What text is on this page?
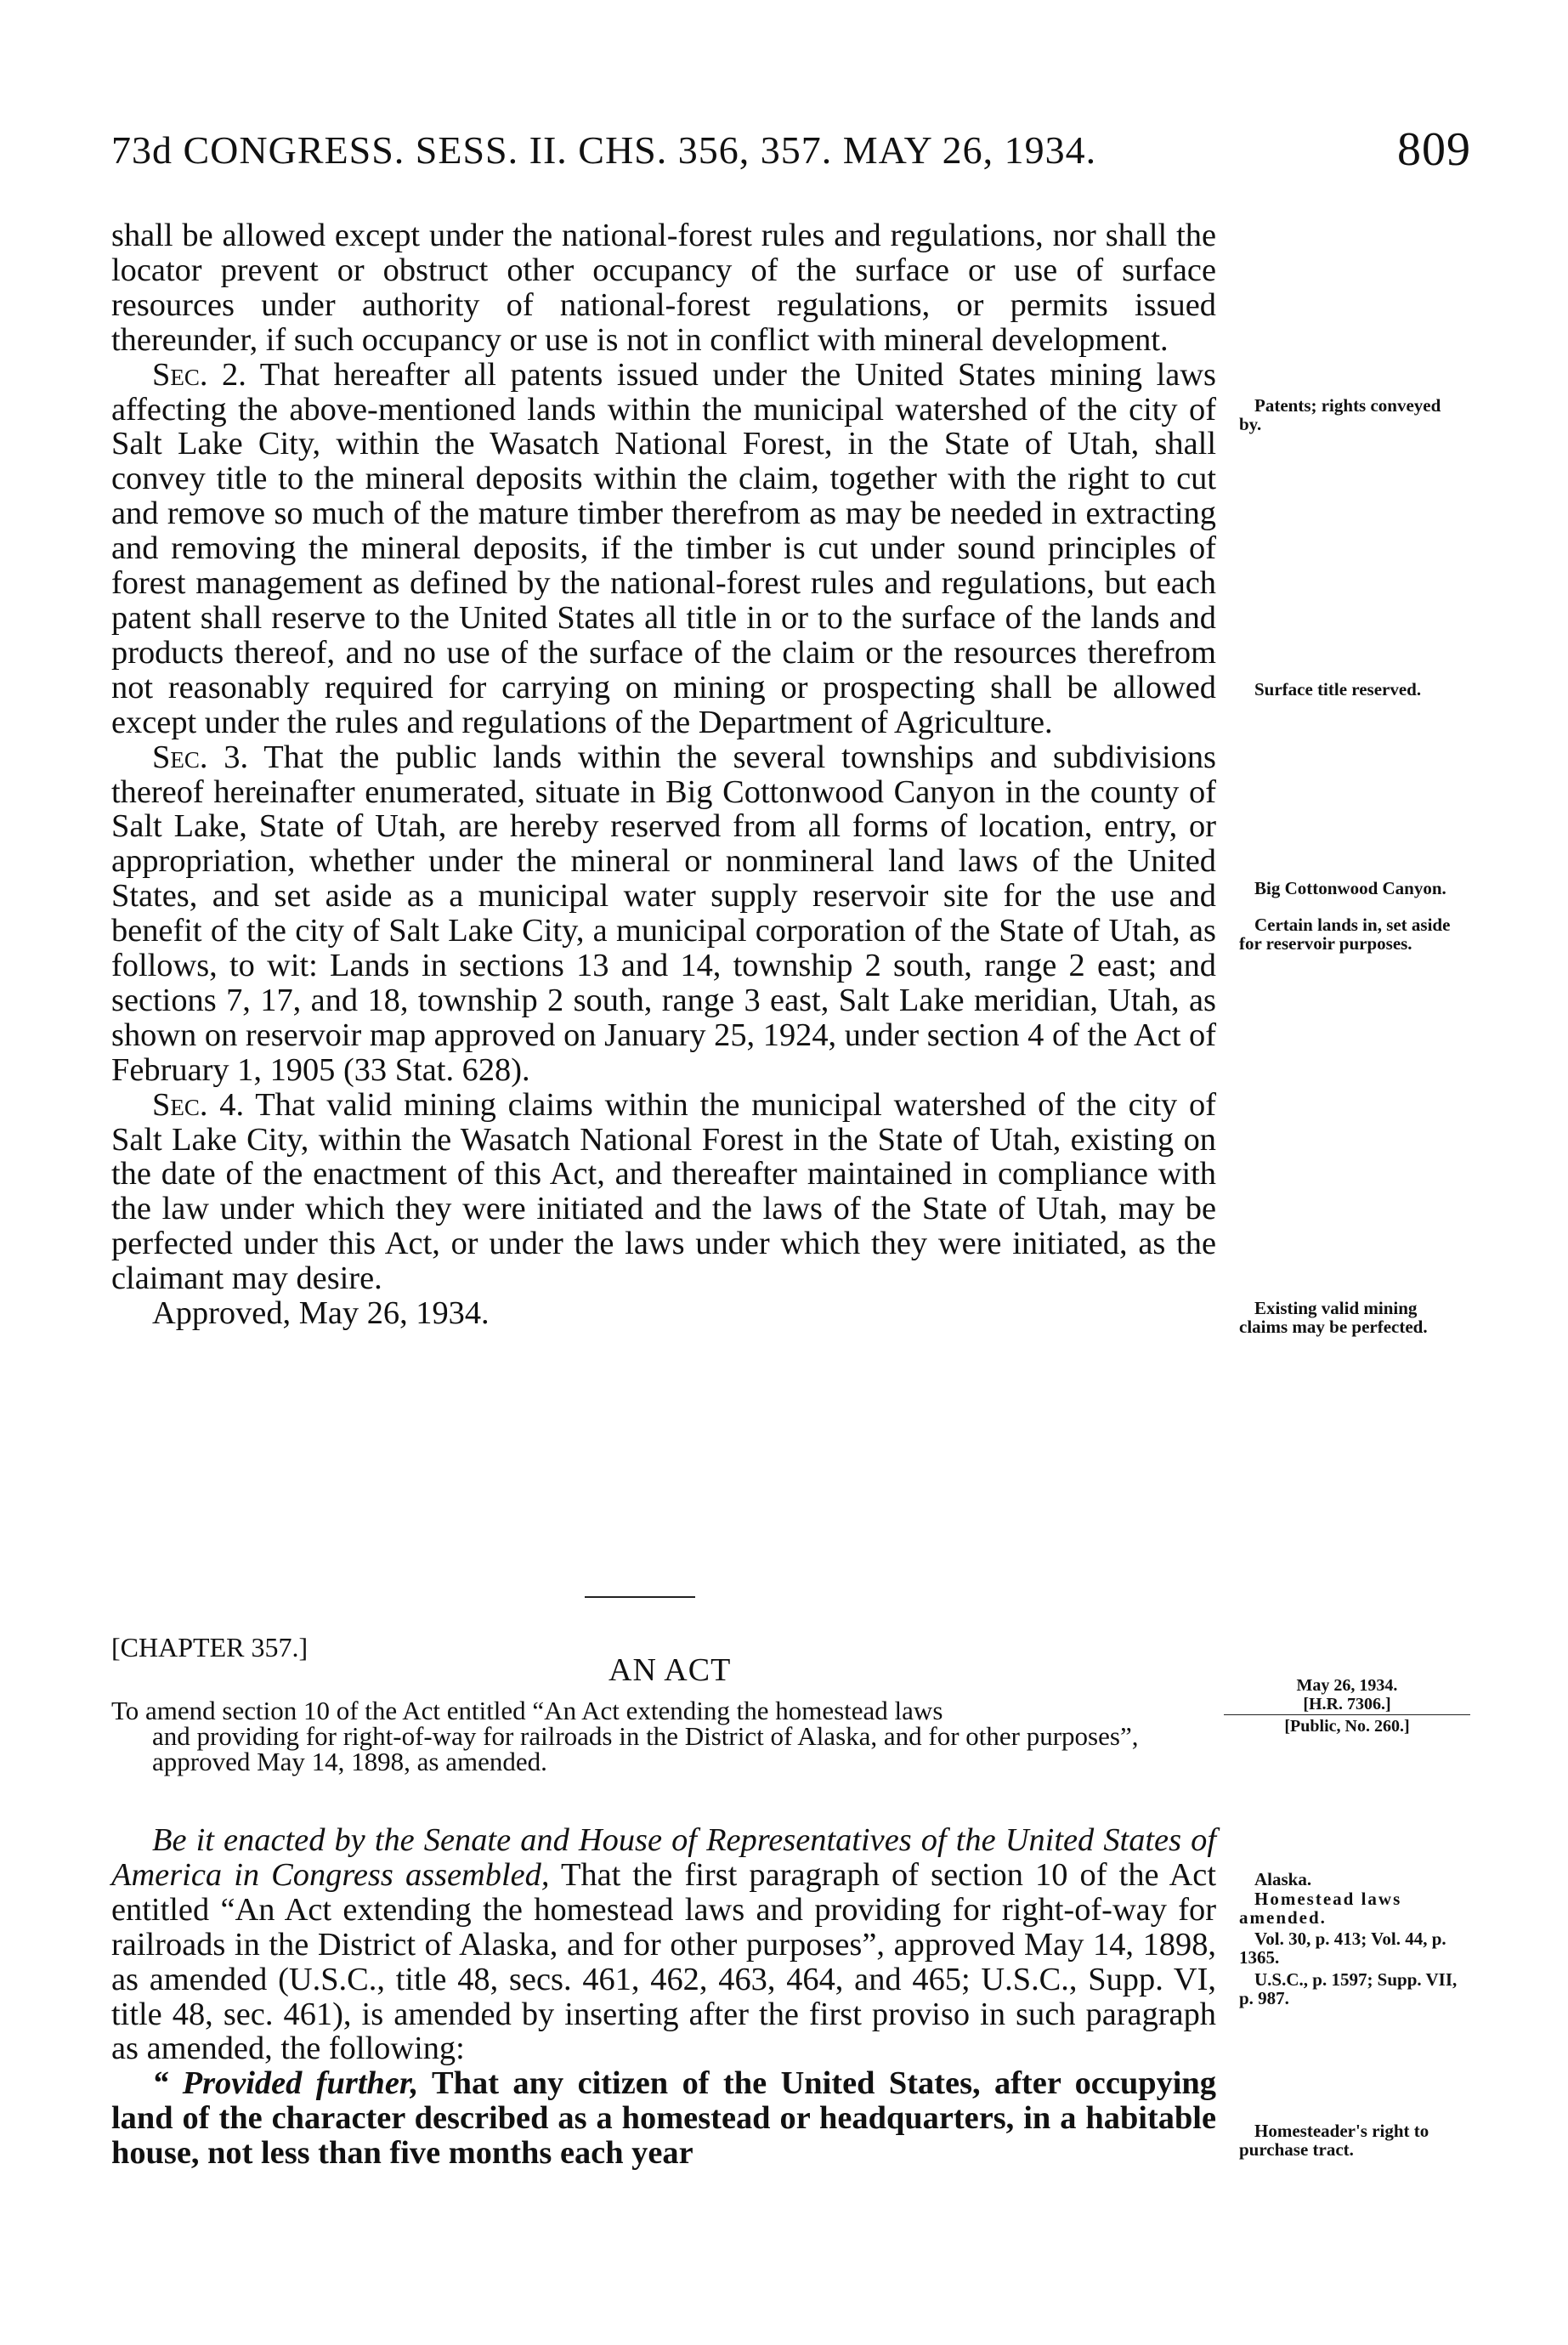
73d CONGRESS. SESS. II. CHS. 356, 357. MAY 26, 1934.	809

shall be allowed except under the national-forest rules and regulations, nor shall the locator prevent or obstruct other occupancy of the surface or use of surface resources under authority of national-forest regulations, or permits issued thereunder, if such occupancy or use is not in conflict with mineral development.

Sec. 2. That hereafter all patents issued under the United States mining laws affecting the above-mentioned lands within the municipal watershed of the city of Salt Lake City, within the Wasatch National Forest, in the State of Utah, shall convey title to the mineral deposits within the claim, together with the right to cut and remove so much of the mature timber therefrom as may be needed in extracting and removing the mineral deposits, if the timber is cut under sound principles of forest management as defined by the national-forest rules and regulations, but each patent shall reserve to the United States all title in or to the surface of the lands and products thereof, and no use of the surface of the claim or the resources therefrom not reasonably required for carrying on mining or prospecting shall be allowed except under the rules and regulations of the Department of Agriculture.

Sec. 3. That the public lands within the several townships and subdivisions thereof hereinafter enumerated, situate in Big Cottonwood Canyon in the county of Salt Lake, State of Utah, are hereby reserved from all forms of location, entry, or appropriation, whether under the mineral or nonmineral land laws of the United States, and set aside as a municipal water supply reservoir site for the use and benefit of the city of Salt Lake City, a municipal corporation of the State of Utah, as follows, to wit: Lands in sections 13 and 14, township 2 south, range 2 east; and sections 7, 17, and 18, township 2 south, range 3 east, Salt Lake meridian, Utah, as shown on reservoir map approved on January 25, 1924, under section 4 of the Act of February 1, 1905 (33 Stat. 628).

Sec. 4. That valid mining claims within the municipal watershed of the city of Salt Lake City, within the Wasatch National Forest in the State of Utah, existing on the date of the enactment of this Act, and thereafter maintained in compliance with the law under which they were initiated and the laws of the State of Utah, may be perfected under this Act, or under the laws under which they were initiated, as the claimant may desire.

Approved, May 26, 1934.

Patents; rights conveyed by.
Surface title reserved.
Big Cottonwood Canyon.
Certain lands in, set aside for reservoir purposes.
Existing valid mining claims may be perfected.
[CHAPTER 357.]
AN ACT	May 26, 1934.
[H.R. 7306.]
[Public, No. 260.]
To amend section 10 of the Act entitled “An Act extending the homestead laws
and providing for right-of-way for railroads in the District of Alaska, and for other purposes”, approved May 14, 1898, as amended.

Be it enacted by the Senate and House of Representatives of the United States of America in Congress assembled, That the first paragraph of section 10 of the Act entitled “An Act extending the homestead laws and providing for right-of-way for railroads in the District of Alaska, and for other purposes”, approved May 14, 1898, as amended (U.S.C., title 48, secs. 461, 462, 463, 464, and 465; U.S.C., Supp. VI, title 48, sec. 461), is amended by inserting after the first proviso in such paragraph as amended, the following:

“ Provided further, That any citizen of the United States, after occupying land of the character described as a homestead or headquarters, in a habitable house, not less than five months each year

Alaska.
Homestead laws amended.
Vol. 30, p. 413; Vol. 44, p. 1365.
U.S.C., p. 1597; Supp. VII, p. 987.
Homesteader's right to purchase tract.
